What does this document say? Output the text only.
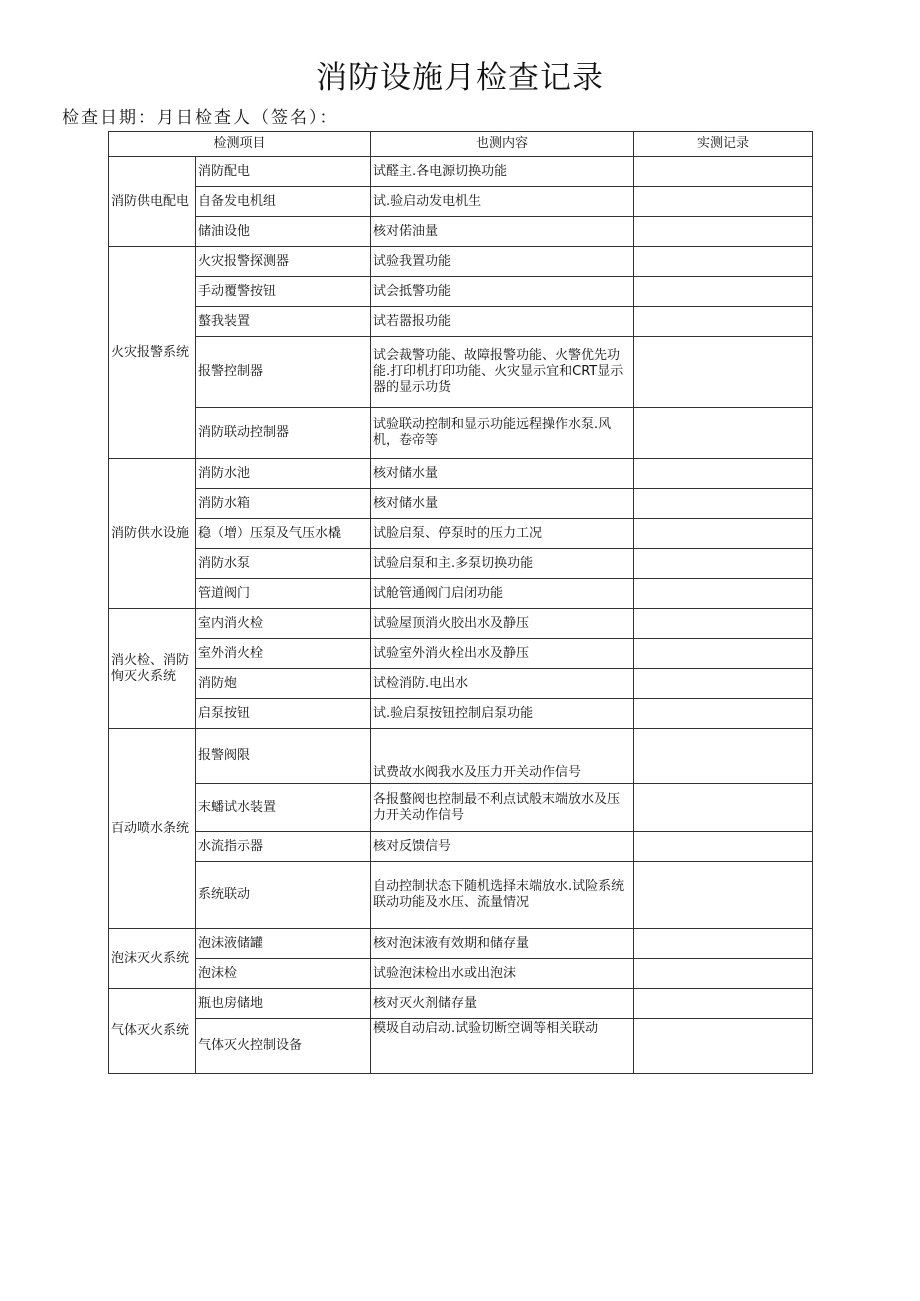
消防设施月检查记录
检查日期：月日检查人（签名）：
检测项目		也测内容	实测记录
消防供电配电	消防配电	试醛主.各电源切换功能	
	自备发电机组	试.验启动发电机生	
	储油设他	核对偌油量	
火灾报警系统	火灾报警探测器	试验我置功能	
	手动覆警按钮	试会抵警功能	
	螯我装置	试若嚣报功能	
	报警控制器	试会裁警功能、故障报警功能、火警优先功能.打印机打印功能、火灾显示宜和CRT显示器的显示功货	
	消防联动控制器	试验联动控制和显示功能远程操作水泵.风机，卷帝等	
消防供水设施	消防水池	核对储水量	
	消防水箱	核对储水量	
	稳（增）压泵及气压水橇	试脸启泵、停泵时的压力工况	
	消防水泵	试验启泵和主.多泵切换功能	
	管道阀门	试舱管通阀门启闭功能	
消火检、消防恂灭火系统	室内消火检	试验屋顶消火胶出水及静压	
	室外消火栓	试验室外消火栓出水及静压	
	消防炮	试检消防.电出水	
	启泵按钮	试.验启泵按钮控制启泵功能	
百动喷水条统	报警阀限	试费故水阀我水及压力开关动作信号	
	末蟠试水装置	各报螯阀也控制最不利点试般末端放水及压力开关动作信号	
	水流指示器	核对反馈信号	
	系统联动	自动控制状态下随机选择末端放水.试险系统联动功能及水压、流量情况	
泡沫灭火系统	泡沫液储罐	核对泡沫液有效期和储存量	
	泡沫检	试验泡沫检出水或出泡沫	
气体灭火系统	瓶也房储地	核对灭火剂储存量	
	气体灭火控制设备	模圾自动启动.试验切断空调等相关联动	
